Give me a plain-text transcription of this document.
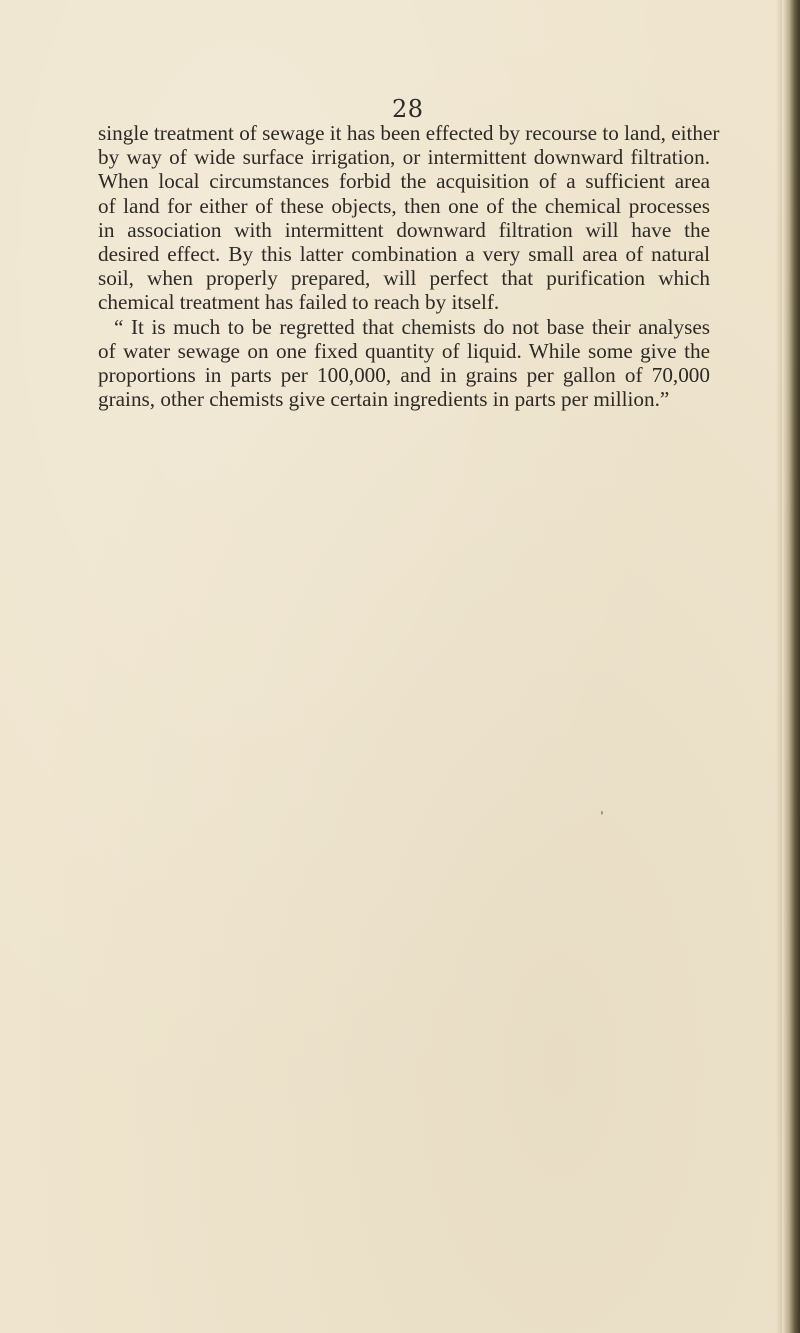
28
single treatment of sewage it has been effected by recourse to land, either
by way of wide surface irrigation, or intermittent downward filtration.
When local circumstances forbid the acquisition of a sufficient area
of land for either of these objects, then one of the chemical processes
in association with intermittent downward filtration will have the
desired effect. By this latter combination a very small area of natural
soil, when properly prepared, will perfect that purification which
chemical treatment has failed to reach by itself.
“ It is much to be regretted that chemists do not base their analyses
of water sewage on one fixed quantity of liquid. While some give the
proportions in parts per 100,000, and in grains per gallon of 70,000
grains, other chemists give certain ingredients in parts per million.”
ˈ
